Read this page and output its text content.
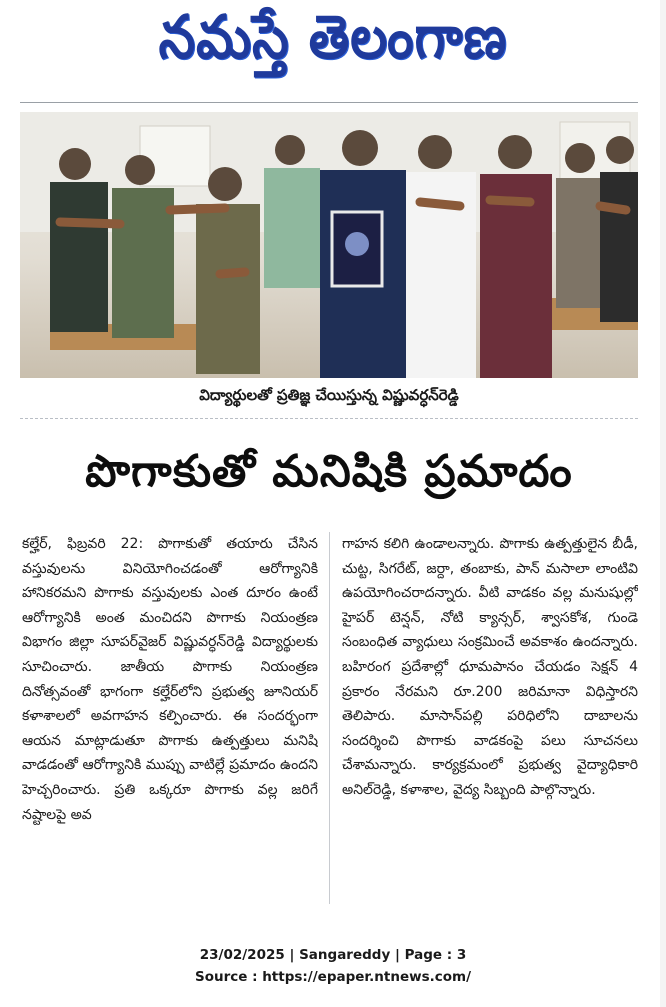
నమస్తే తెలంగాణ
విద్యార్థులతో ప్రతిజ్ఞ చేయిస్తున్న విష్ణువర్ధన్‌రెడ్డి
పొగాకుతో మనిషికి ప్రమాదం

కల్హేర్, ఫిబ్రవరి 22: పొగాకుతో తయారు చేసిన వస్తువులను వినియోగించడంతో ఆరోగ్యానికి హానికరమని పొగాకు వస్తువులకు ఎంత దూరం ఉంటే ఆరోగ్యానికి అంత మంచిదని పొగాకు నియంత్రణ విభాగం జిల్లా సూపర్‌వైజర్ విష్ణువర్ధన్‌రెడ్డి విద్యార్థులకు సూచించారు. జాతీయ పొగాకు నియంత్రణ దినోత్సవంతో భాగంగా కల్హేర్‌లోని ప్రభుత్వ జూనియర్ కళాశాలలో అవగాహన కల్పించారు. ఈ సందర్భంగా ఆయన మాట్లాడుతూ పొగాకు ఉత్పత్తులు మనిషి వాడడంతో ఆరోగ్యానికి ముప్పు వాటిల్లే ప్రమాదం ఉందని హెచ్చరించారు. ప్రతి ఒక్కరూ పొగాకు వల్ల జరిగే నష్టాలపై అవ

గాహన కలిగి ఉండాలన్నారు. పొగాకు ఉత్పత్తులైన బీడీ, చుట్ట, సిగరేట్, జర్దా, తంబాకు, పాన్ మసాలా లాంటివి ఉపయోగించరాదన్నారు. వీటి వాడకం వల్ల మనుషుల్లో హైపర్ టెన్షన్, నోటి క్యాన్సర్, శ్వాసకోశ, గుండె సంబంధిత వ్యాధులు సంక్రమించే అవకాశం ఉందన్నారు. బహిరంగ ప్రదేశాల్లో ధూమపానం చేయడం సెక్షన్ 4 ప్రకారం నేరమని రూ.200 జరిమానా విధిస్తారని తెలిపారు. మాసాన్‌పల్లి పరిధిలోని దాబాలను సందర్శించి పొగాకు వాడకంపై పలు సూచనలు చేశామన్నారు. కార్యక్రమంలో ప్రభుత్వ వైద్యాధికారి అనిల్‌రెడ్డి, కళాశాల, వైద్య సిబ్బంది పాల్గొన్నారు.

23/02/2025 | Sangareddy | Page : 3
Source : https://epaper.ntnews.com/
